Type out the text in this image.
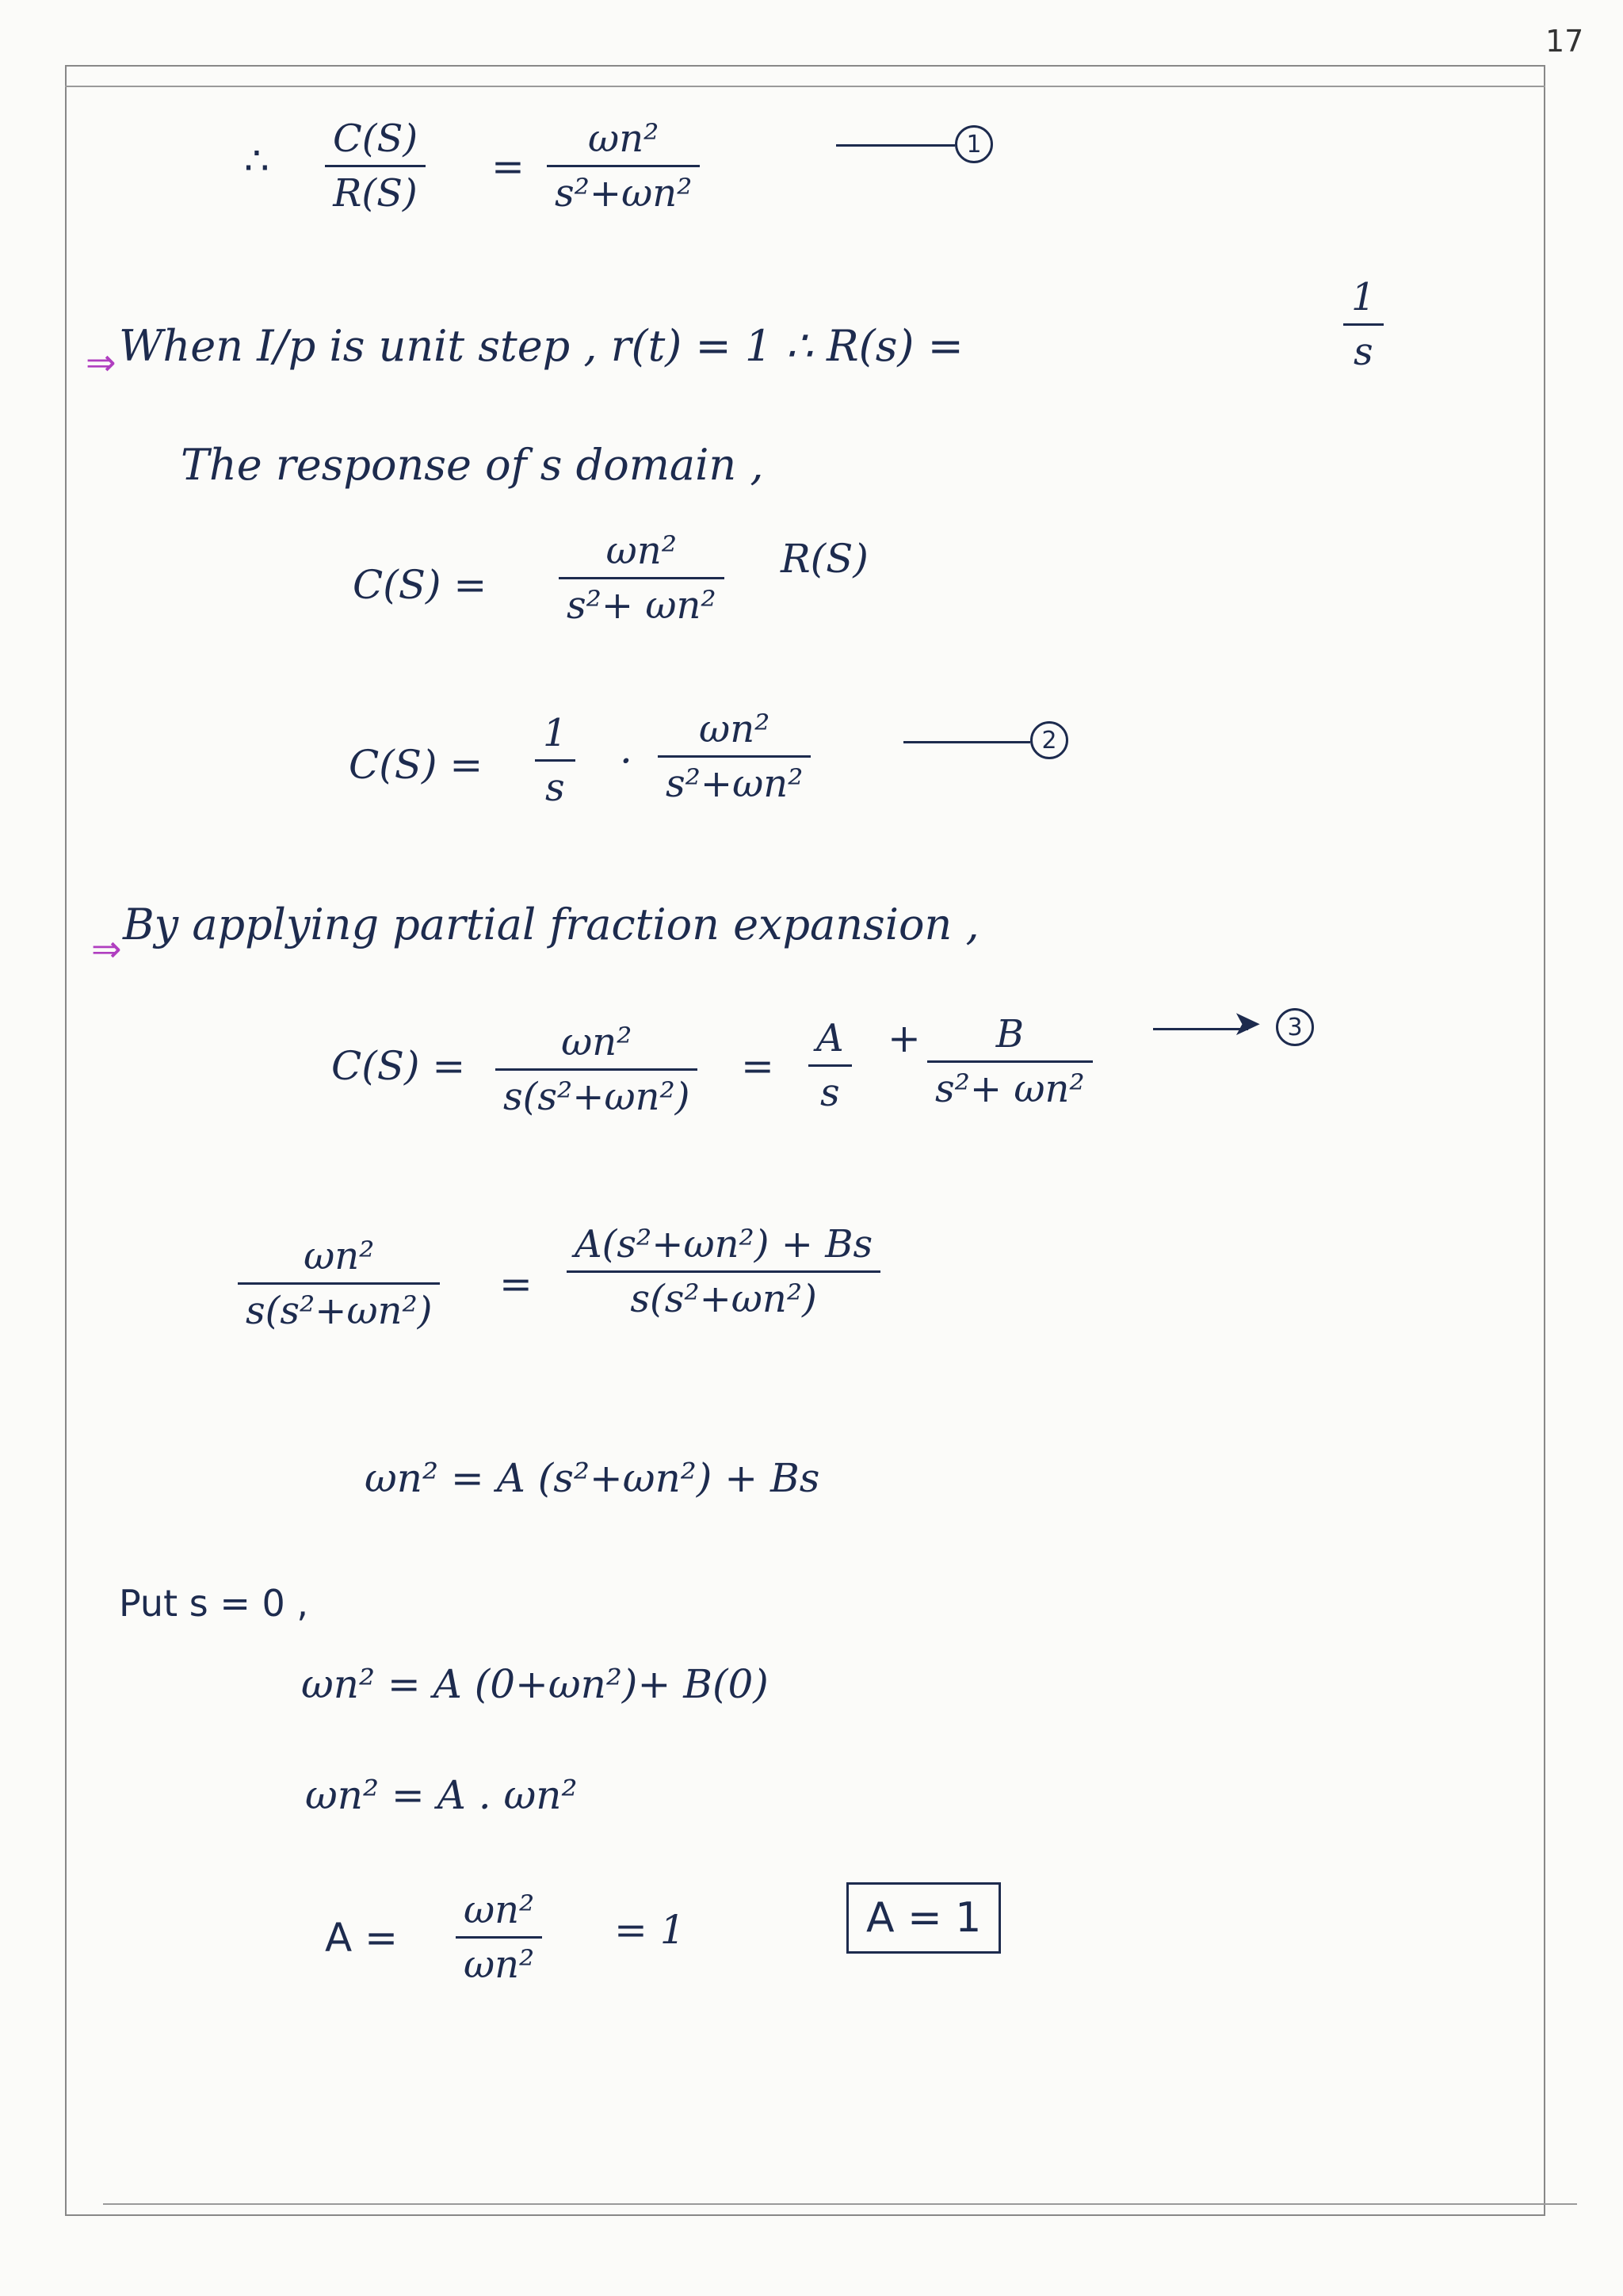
17
∴ C(S)
R(S)
=
ωn²
s²+ωn²
1
⇒ When I/p is unit step , r(t) = 1 ∴ R(s) =
1
s
The response of s domain ,
C(S) =
ωn²
s²+ ωn²
R(S)
C(S) =
1
s
·
ωn²
s²+ωn²
2
⇒ By applying partial fraction expansion ,
C(S) =
ωn²
s(s²+ωn²)
=
A
s
+ B
s²+ ωn²
➤	3
ωn²
s(s²+ωn²)
=
A(s²+ωn²) + Bs
s(s²+ωn²)
ωn² = A (s²+ωn²) + Bs
Put s = 0 ,
ωn² = A (0+ωn²)+ B(0)
ωn² = A . ωn²
A =
ωn²
ωn²
= 1	A = 1
